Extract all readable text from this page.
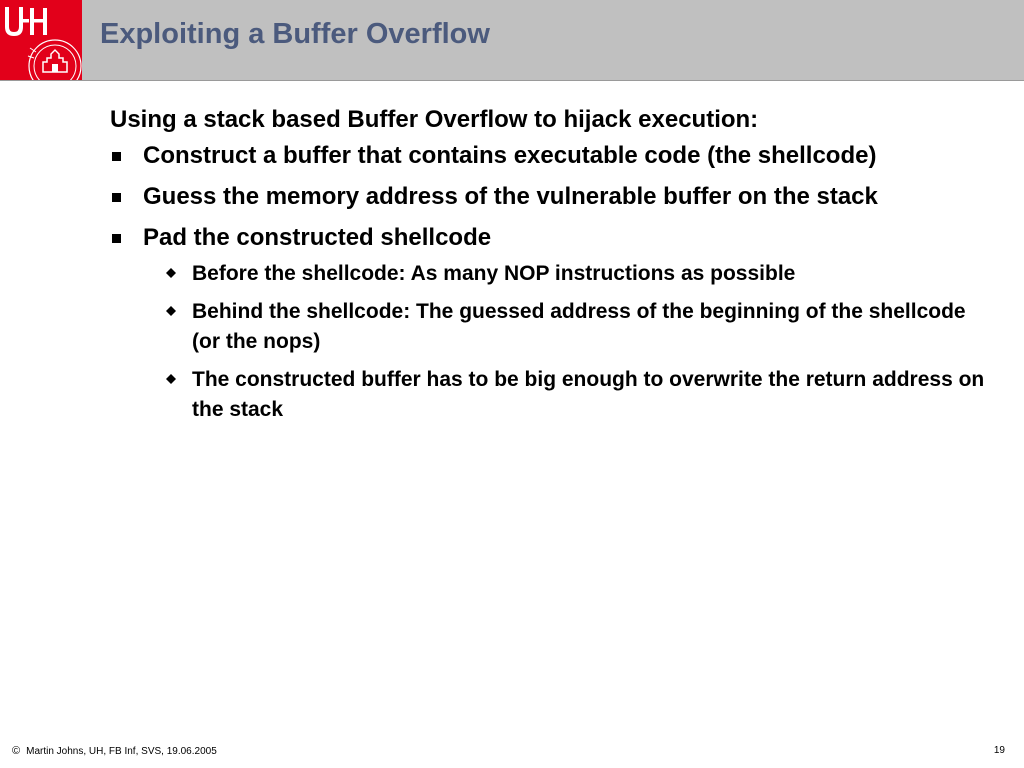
Exploiting a Buffer Overflow

Using a stack based Buffer Overflow to hijack execution:

Construct a buffer that contains executable code (the shellcode)
Guess the memory address of the vulnerable buffer on the stack
Pad the constructed shellcode
Before the shellcode: As many NOP instructions as possible
Behind the shellcode: The guessed address of the beginning of the shellcode (or the nops)
The constructed buffer has to be big enough to overwrite the return address on the stack
© Martin Johns, UH, FB Inf, SVS, 19.06.2005	19
